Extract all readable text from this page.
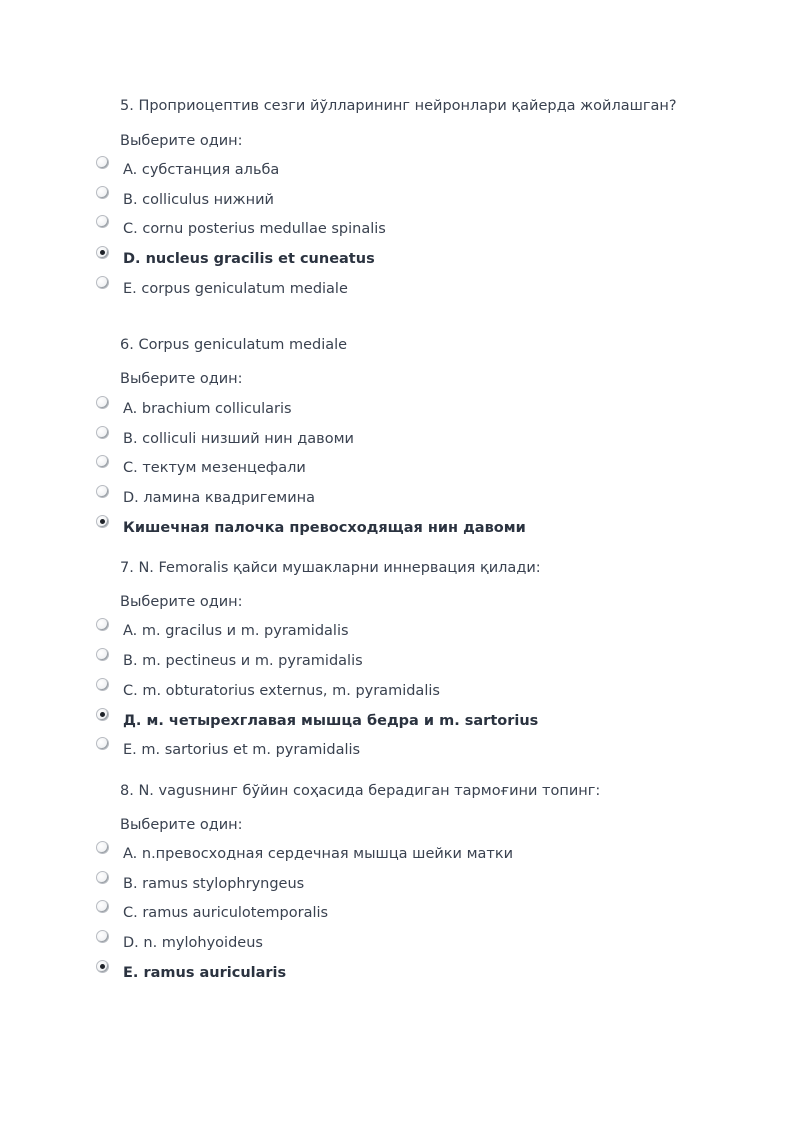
5. Проприоцептив сезги йўлларининг нейронлари қайерда жойлашган?
Выберите один:
A. субстанция альба
B. colliculus нижний
C. cornu posterius medullae spinalis
D. nucleus gracilis et cuneatus
E. corpus geniculatum mediale
6. Corpus geniculatum mediale
Выберите один:
A. brachium collicularis
B. colliculi низший нин давоми
C. тектум мезенцефали
D. ламина квадригемина
Кишечная палочка превосходящая нин давоми
7. N. Femoralis қайси мушакларни иннервация қилади:
Выберите один:
A. m. gracilus и m. pyramidalis
B. m. pectineus и m. pyramidalis
C. m. obturatorius externus, m. pyramidalis
Д. м. четырехглавая мышца бедра и m. sartorius
E. m. sartorius et m. pyramidalis
8. N. vagusнинг бўйин соҳасида берадиган тармоғини топинг:
Выберите один:
A. n.превосходная сердечная мышца шейки матки
B. ramus stylophryngeus
C. ramus auriculotemporalis
D. n. mylohyoideus
E. ramus auricularis
